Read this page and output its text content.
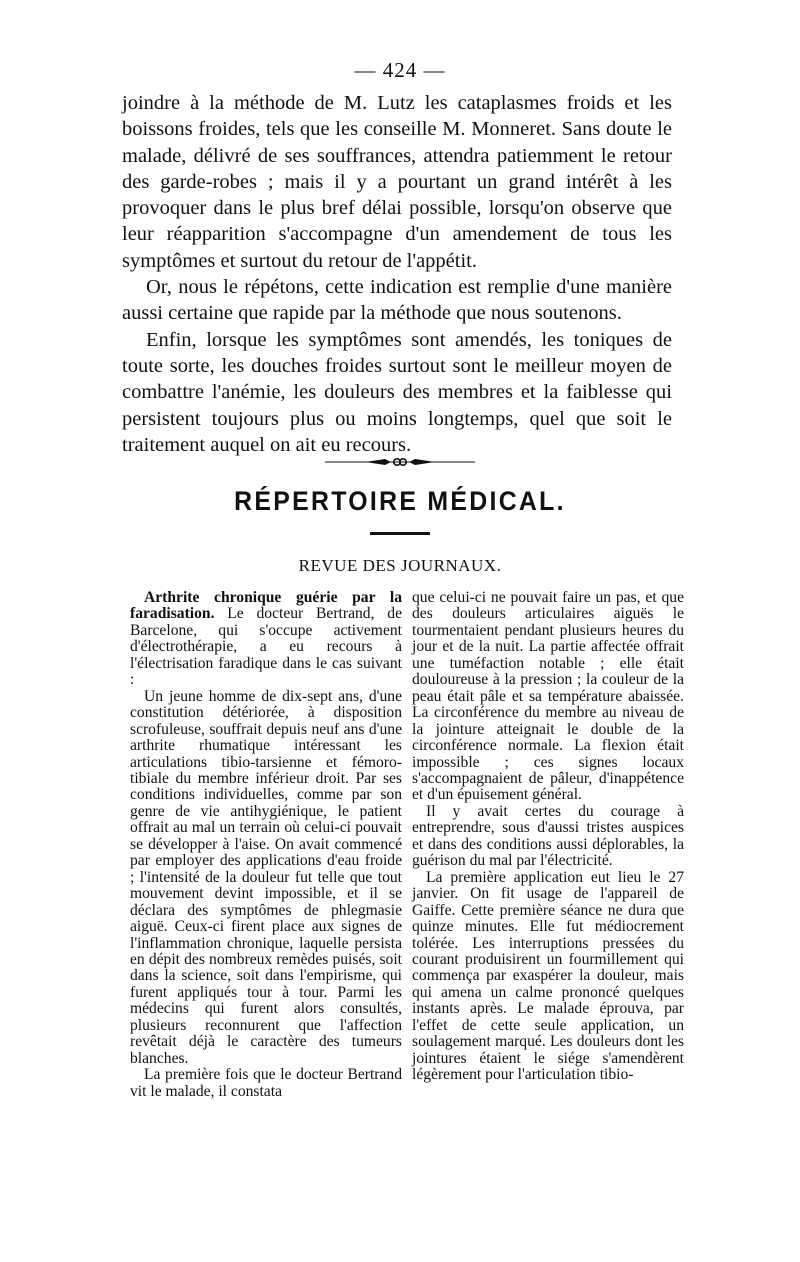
— 424 —

joindre à la méthode de M. Lutz les cataplasmes froids et les boissons froides, tels que les conseille M. Monneret. Sans doute le malade, délivré de ses souffrances, attendra patiemment le retour des garde-robes ; mais il y a pourtant un grand intérêt à les provoquer dans le plus bref délai possible, lorsqu'on observe que leur réapparition s'accompagne d'un amendement de tous les symptômes et surtout du retour de l'appétit.

Or, nous le répétons, cette indication est remplie d'une manière aussi certaine que rapide par la méthode que nous soutenons.

Enfin, lorsque les symptômes sont amendés, les toniques de toute sorte, les douches froides surtout sont le meilleur moyen de combattre l'anémie, les douleurs des membres et la faiblesse qui persistent toujours plus ou moins longtemps, quel que soit le traitement auquel on ait eu recours.

RÉPERTOIRE MÉDICAL.
REVUE DES JOURNAUX.

Arthrite chronique guérie par la faradisation. Le docteur Bertrand, de Barcelone, qui s'occupe activement d'électrothérapie, a eu recours à l'électrisation faradique dans le cas suivant :

Un jeune homme de dix-sept ans, d'une constitution détériorée, à disposition scrofuleuse, souffrait depuis neuf ans d'une arthrite rhumatique intéressant les articulations tibio-tarsienne et fémoro-tibiale du membre inférieur droit. Par ses conditions individuelles, comme par son genre de vie antihygiénique, le patient offrait au mal un terrain où celui-ci pouvait se développer à l'aise. On avait commencé par employer des applications d'eau froide ; l'intensité de la douleur fut telle que tout mouvement devint impossible, et il se déclara des symptômes de phlegmasie aiguë. Ceux-ci firent place aux signes de l'inflammation chronique, laquelle persista en dépit des nombreux remèdes puisés, soit dans la science, soit dans l'empirisme, qui furent appliqués tour à tour. Parmi les médecins qui furent alors consultés, plusieurs reconnurent que l'affection revêtait déjà le caractère des tumeurs blanches.

La première fois que le docteur Bertrand vit le malade, il constata

que celui-ci ne pouvait faire un pas, et que des douleurs articulaires aiguës le tourmentaient pendant plusieurs heures du jour et de la nuit. La partie affectée offrait une tuméfaction notable ; elle était douloureuse à la pression ; la couleur de la peau était pâle et sa température abaissée. La circonférence du membre au niveau de la jointure atteignait le double de la circonférence normale. La flexion était impossible ; ces signes locaux s'accompagnaient de pâleur, d'inappétence et d'un épuisement général.

Il y avait certes du courage à entreprendre, sous d'aussi tristes auspices et dans des conditions aussi déplorables, la guérison du mal par l'électricité.

La première application eut lieu le 27 janvier. On fit usage de l'appareil de Gaiffe. Cette première séance ne dura que quinze minutes. Elle fut médiocrement tolérée. Les interruptions pressées du courant produisirent un fourmillement qui commença par exaspérer la douleur, mais qui amena un calme prononcé quelques instants après. Le malade éprouva, par l'effet de cette seule application, un soulagement marqué. Les douleurs dont les jointures étaient le siége s'amendèrent légèrement pour l'articulation tibio-
